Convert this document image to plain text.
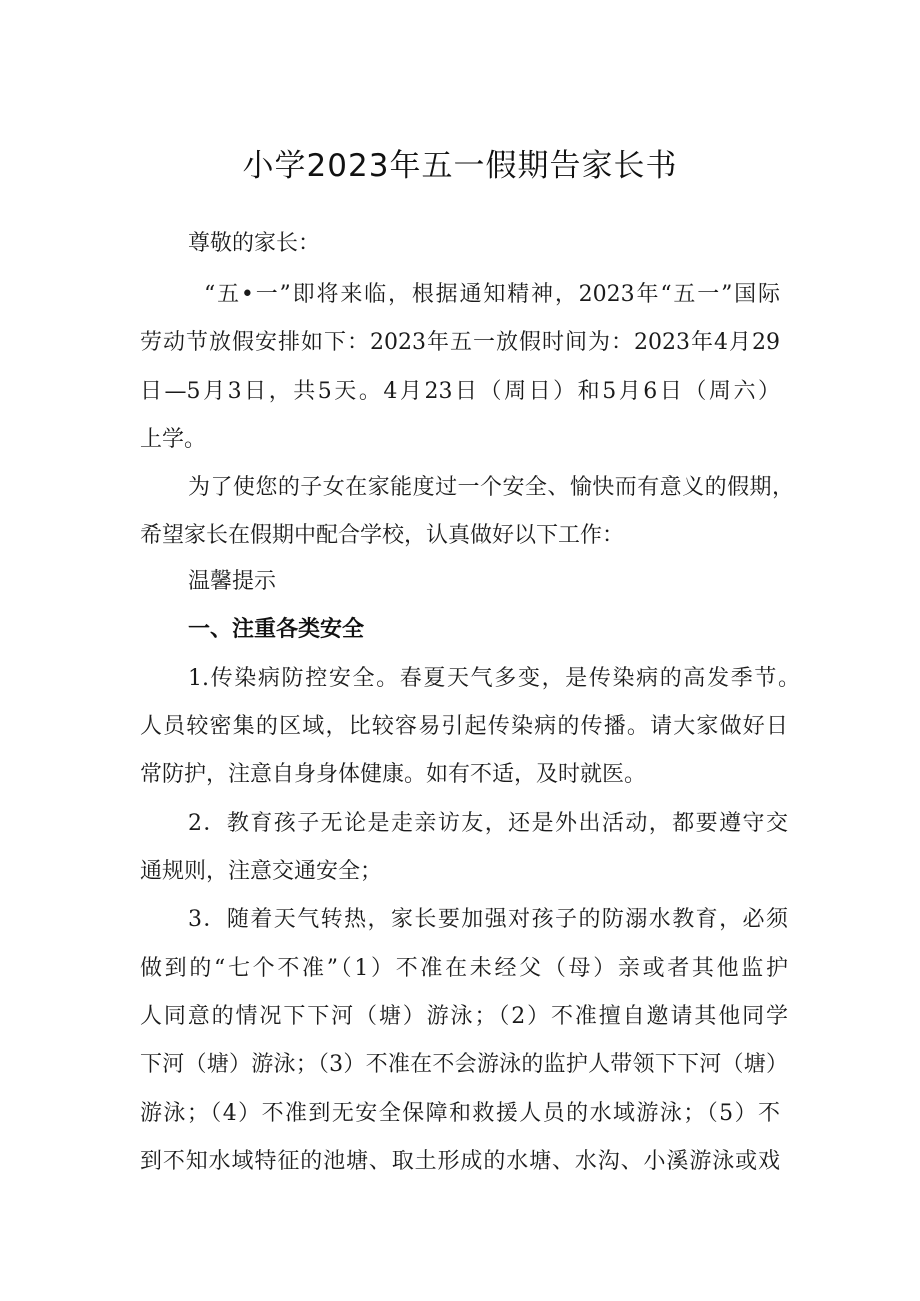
小学2023年五一假期告家长书
尊敬的家长：
“五•一”即将来临，根据通知精神，2023年“五一”国际
劳动节放假安排如下：2023年五一放假时间为：2023年4月29
日—5月3日，共5天。4月23日（周日）和5月6日（周六）
上学。
为了使您的子女在家能度过一个安全、愉快而有意义的假期，
希望家长在假期中配合学校，认真做好以下工作：
温馨提示
一、注重各类安全
1.传染病防控安全。春夏天气多变，是传染病的高发季节。
人员较密集的区域，比较容易引起传染病的传播。请大家做好日
常防护，注意自身身体健康。如有不适，及时就医。
2．教育孩子无论是走亲访友，还是外出活动，都要遵守交
通规则，注意交通安全；
3．随着天气转热，家长要加强对孩子的防溺水教育，必须
做到的“七个不准”（1）不准在未经父（母）亲或者其他监护
人同意的情况下下河（塘）游泳；（2）不准擅自邀请其他同学
下河（塘）游泳；（3）不准在不会游泳的监护人带领下下河（塘）
游泳；（4）不准到无安全保障和救援人员的水域游泳；（5）不
到不知水域特征的池塘、取土形成的水塘、水沟、小溪游泳或戏
